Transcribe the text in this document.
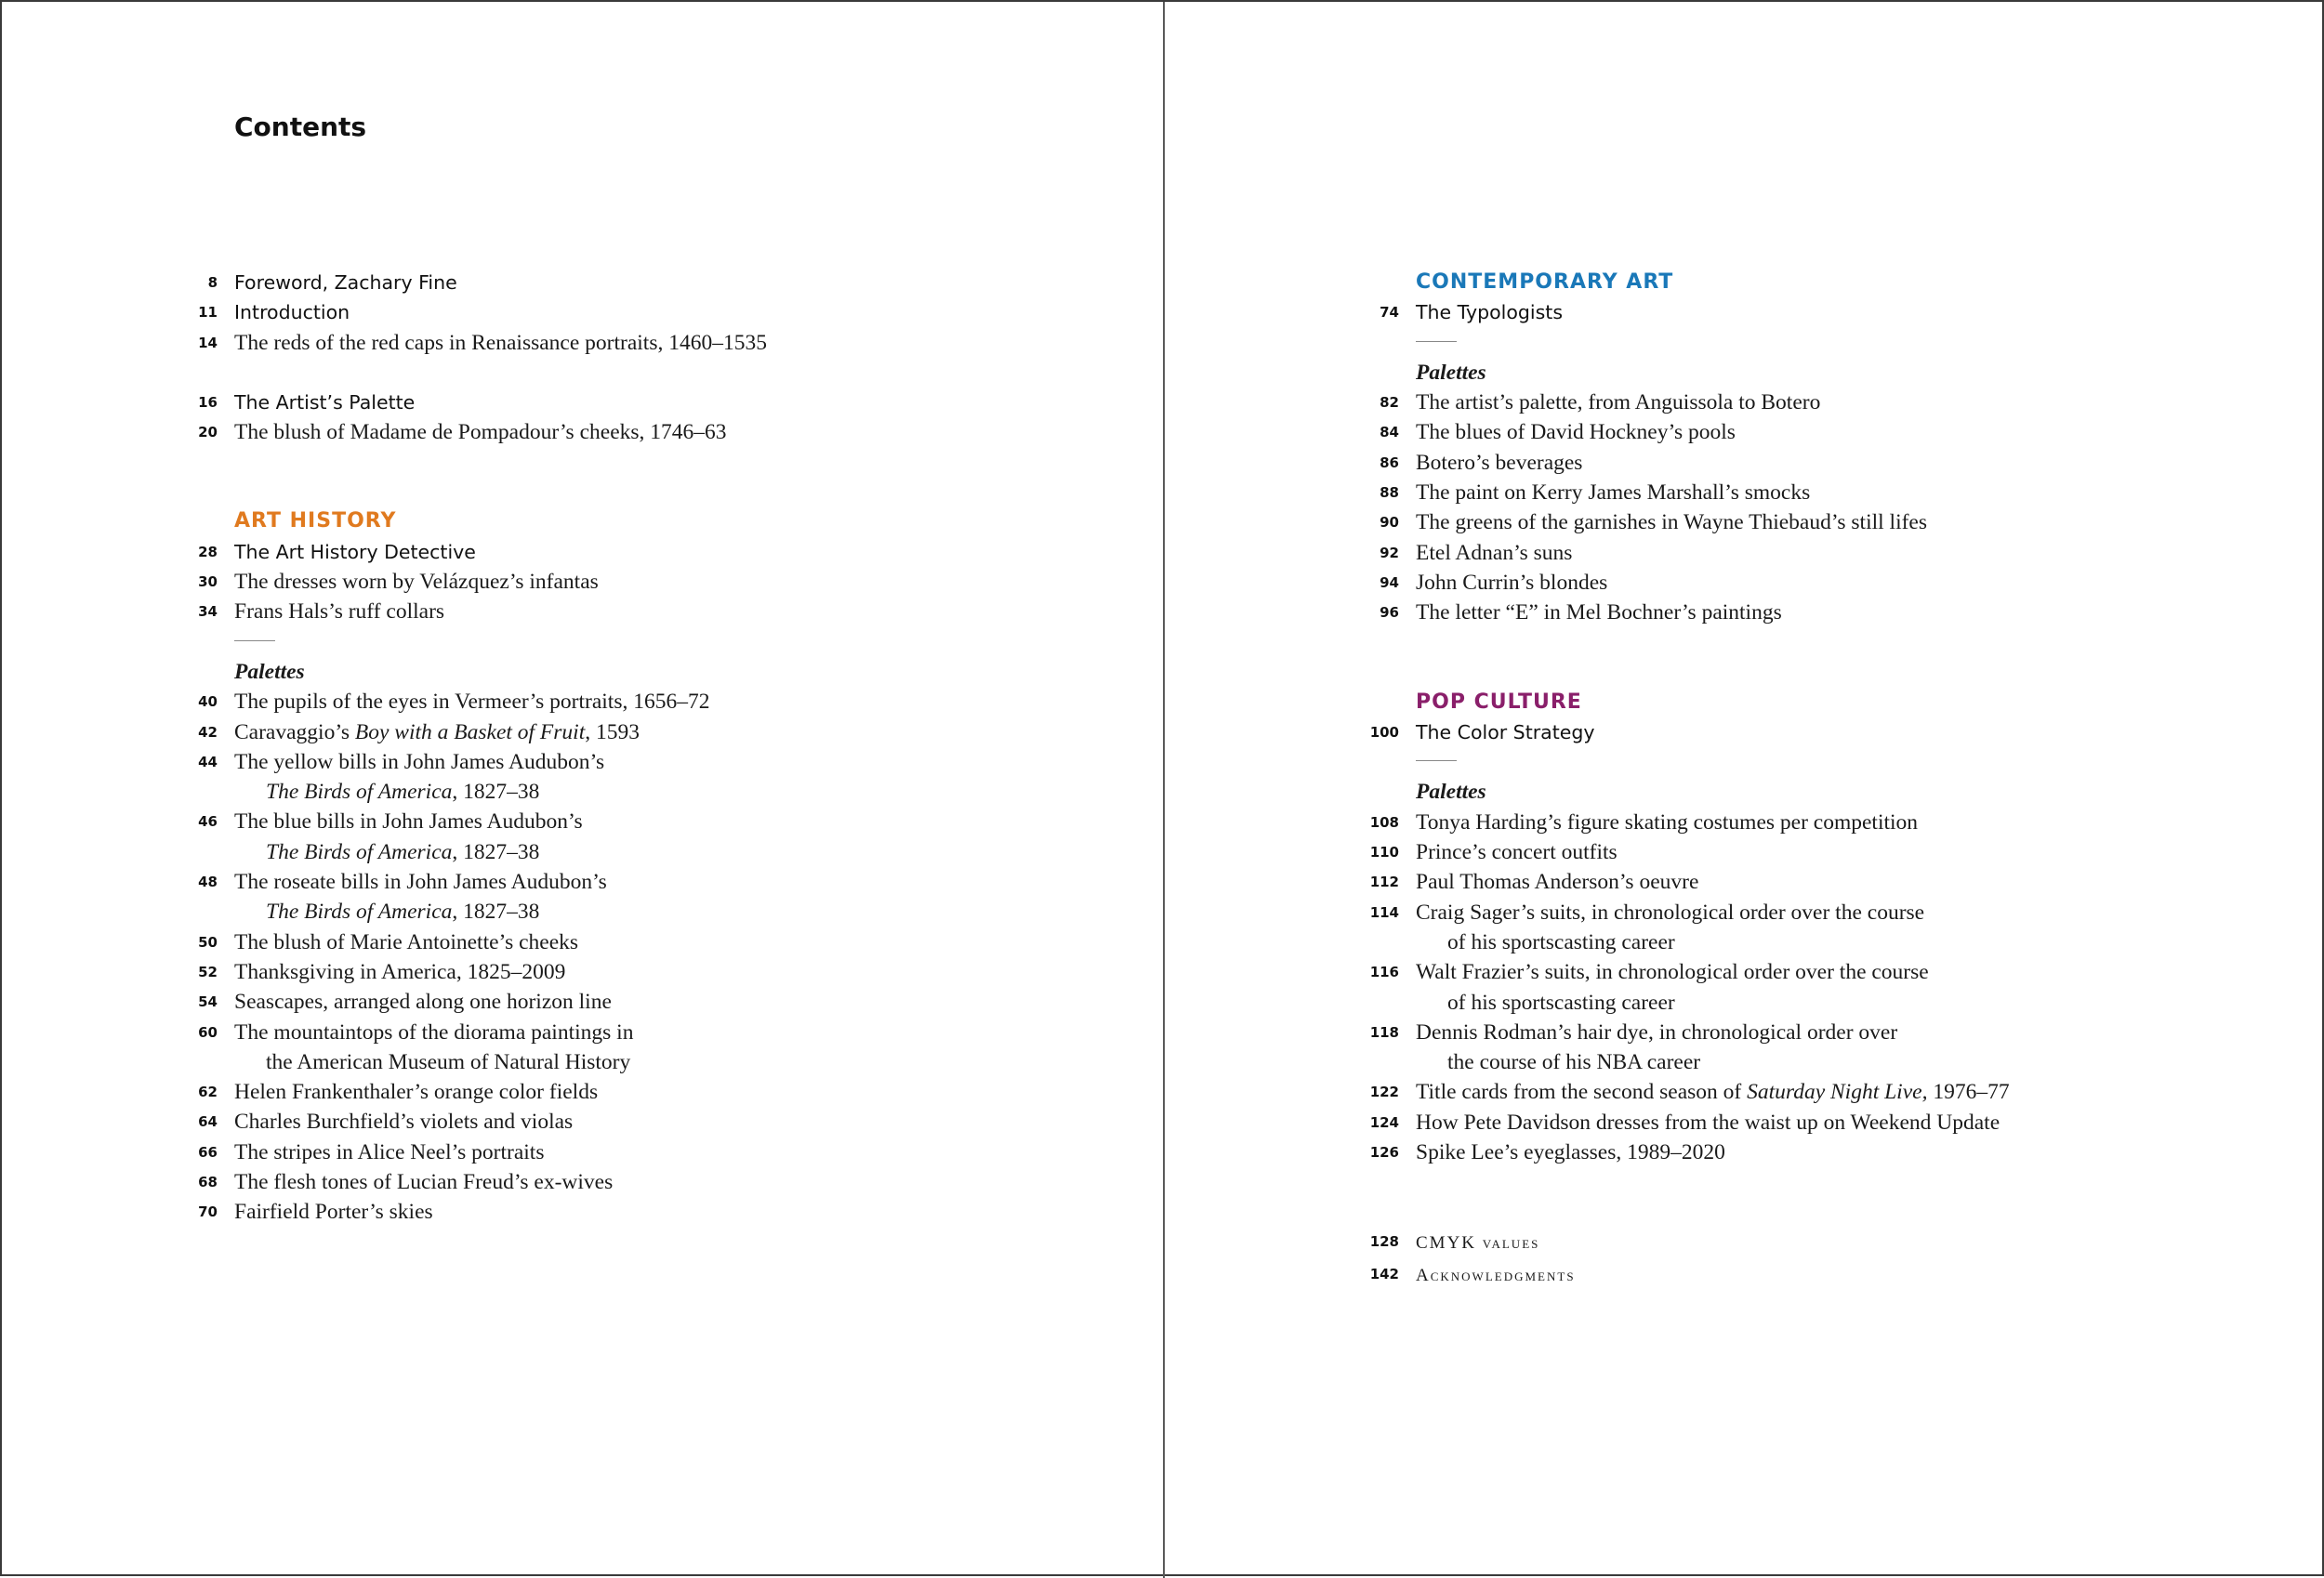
Contents
8 Foreword, Zachary Fine
11 Introduction
14 The reds of the red caps in Renaissance portraits, 1460–1535
16 The Artist’s Palette
20 The blush of Madame de Pompadour’s cheeks, 1746–63
ART HISTORY
28 The Art History Detective
30 The dresses worn by Velázquez’s infantas
34 Frans Hals’s ruff collars
Palettes
40 The pupils of the eyes in Vermeer’s portraits, 1656–72
42 Caravaggio’s Boy with a Basket of Fruit, 1593
44 The yellow bills in John James Audubon’s
The Birds of America, 1827–38
46 The blue bills in John James Audubon’s
The Birds of America, 1827–38
48 The roseate bills in John James Audubon’s
The Birds of America, 1827–38
50 The blush of Marie Antoinette’s cheeks
52 Thanksgiving in America, 1825–2009
54 Seascapes, arranged along one horizon line
60 The mountaintops of the diorama paintings in
the American Museum of Natural History
62 Helen Frankenthaler’s orange color fields
64 Charles Burchfield’s violets and violas
66 The stripes in Alice Neel’s portraits
68 The flesh tones of Lucian Freud’s ex-wives
70 Fairfield Porter’s skies
CONTEMPORARY ART
74 The Typologists
Palettes
82 The artist’s palette, from Anguissola to Botero
84 The blues of David Hockney’s pools
86 Botero’s beverages
88 The paint on Kerry James Marshall’s smocks
90 The greens of the garnishes in Wayne Thiebaud’s still lifes
92 Etel Adnan’s suns
94 John Currin’s blondes
96 The letter “E” in Mel Bochner’s paintings
POP CULTURE
100 The Color Strategy
Palettes
108 Tonya Harding’s figure skating costumes per competition
110 Prince’s concert outfits
112 Paul Thomas Anderson’s oeuvre
114 Craig Sager’s suits, in chronological order over the course
of his sportscasting career
116 Walt Frazier’s suits, in chronological order over the course
of his sportscasting career
118 Dennis Rodman’s hair dye, in chronological order over
the course of his NBA career
122 Title cards from the second season of Saturday Night Live, 1976–77
124 How Pete Davidson dresses from the waist up on Weekend Update
126 Spike Lee’s eyeglasses, 1989–2020
128 CMYK values
142 Acknowledgments
